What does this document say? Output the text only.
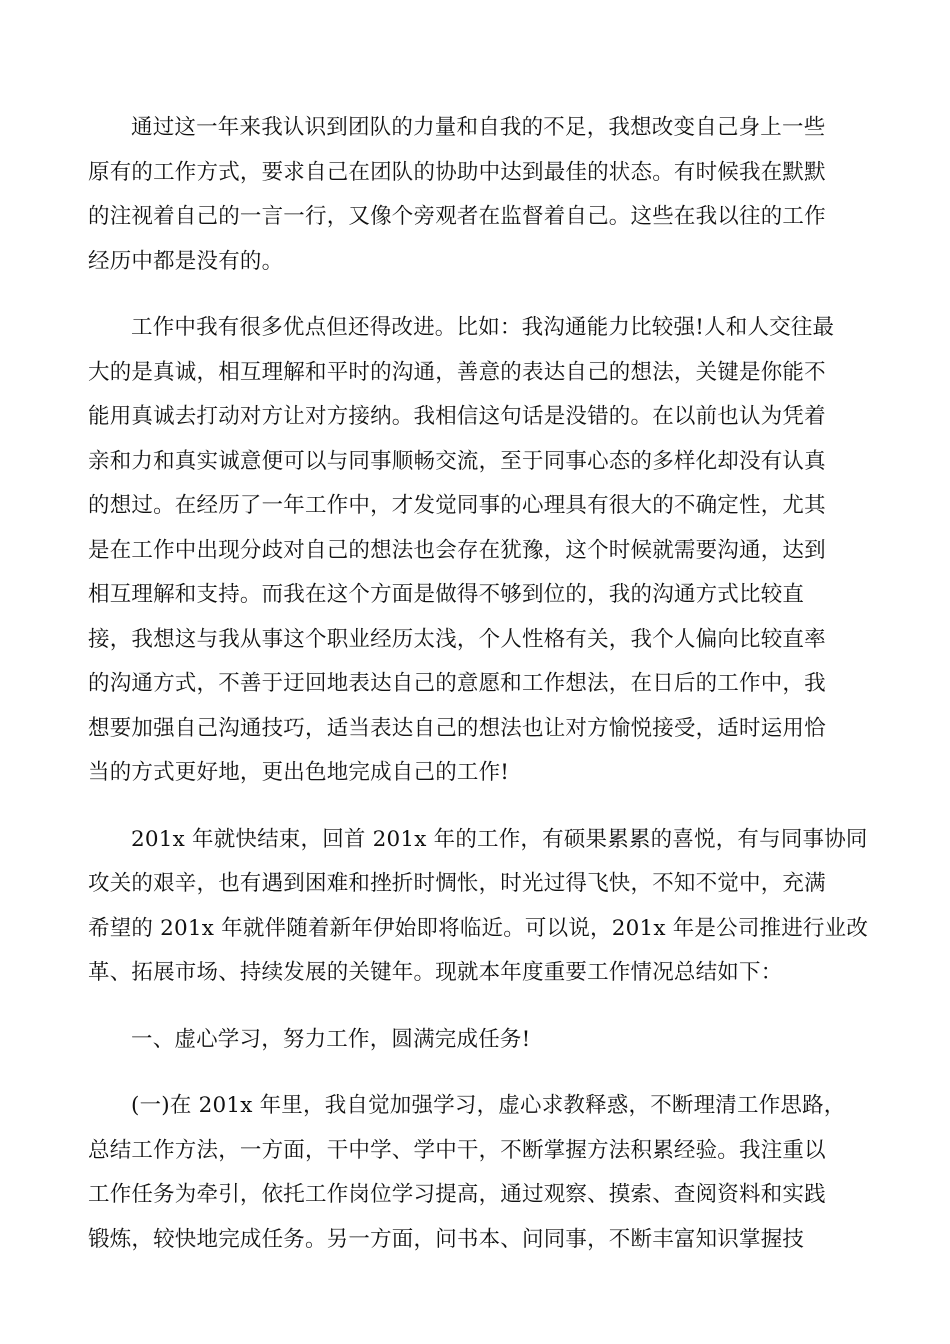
通过这一年来我认识到团队的力量和自我的不足，我想改变自己身上一些
原有的工作方式，要求自己在团队的协助中达到最佳的状态。有时候我在默默
的注视着自己的一言一行，又像个旁观者在监督着自己。这些在我以往的工作
经历中都是没有的。
工作中我有很多优点但还得改进。比如：我沟通能力比较强!人和人交往最
大的是真诚，相互理解和平时的沟通，善意的表达自己的想法，关键是你能不
能用真诚去打动对方让对方接纳。我相信这句话是没错的。在以前也认为凭着
亲和力和真实诚意便可以与同事顺畅交流，至于同事心态的多样化却没有认真
的想过。在经历了一年工作中，才发觉同事的心理具有很大的不确定性，尤其
是在工作中出现分歧对自己的想法也会存在犹豫，这个时候就需要沟通，达到
相互理解和支持。而我在这个方面是做得不够到位的，我的沟通方式比较直
接，我想这与我从事这个职业经历太浅，个人性格有关，我个人偏向比较直率
的沟通方式，不善于迂回地表达自己的意愿和工作想法，在日后的工作中，我
想要加强自己沟通技巧，适当表达自己的想法也让对方愉悦接受，适时运用恰
当的方式更好地，更出色地完成自己的工作!
201x 年就快结束，回首 201x 年的工作，有硕果累累的喜悦，有与同事协同
攻关的艰辛，也有遇到困难和挫折时惆怅，时光过得飞快，不知不觉中，充满
希望的 201x 年就伴随着新年伊始即将临近。可以说，201x 年是公司推进行业改
革、拓展市场、持续发展的关键年。现就本年度重要工作情况总结如下：
一、虚心学习，努力工作，圆满完成任务!
(一)在 201x 年里，我自觉加强学习，虚心求教释惑，不断理清工作思路，
总结工作方法，一方面，干中学、学中干，不断掌握方法积累经验。我注重以
工作任务为牵引，依托工作岗位学习提高，通过观察、摸索、查阅资料和实践
锻炼，较快地完成任务。另一方面，问书本、问同事，不断丰富知识掌握技
